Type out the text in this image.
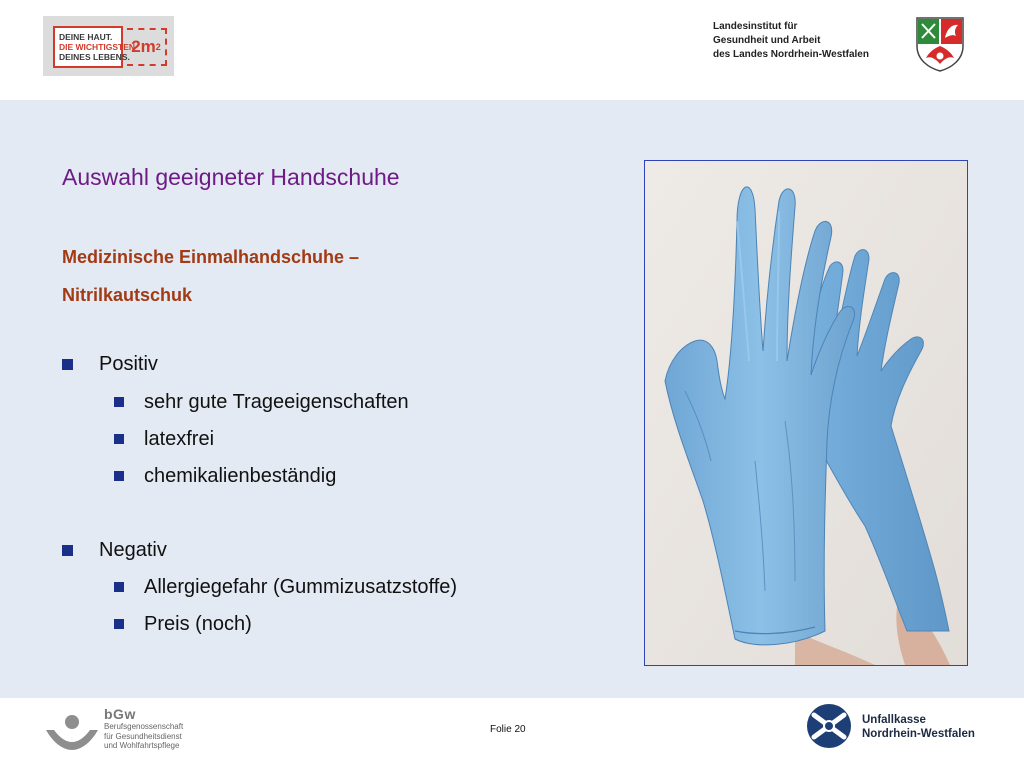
DEINE HAUT.
DIE WICHTIGSTEN
DEINES LEBENS.
2m 2
Landesinstitut für
Gesundheit und Arbeit
des Landes Nordrhein-Westfalen
Auswahl geeigneter Handschuhe
Medizinische Einmalhandschuhe –
Nitrilkautschuk
Positiv
sehr gute Trageeigenschaften
latexfrei
chemikalienbeständig
Negativ
Allergiegefahr (Gummizusatzstoffe)
Preis (noch)
bGw
Berufsgenossenschaft
für Gesundheitsdienst
und Wohlfahrtspflege
Folie 20
Unfallkasse
Nordrhein-Westfalen
